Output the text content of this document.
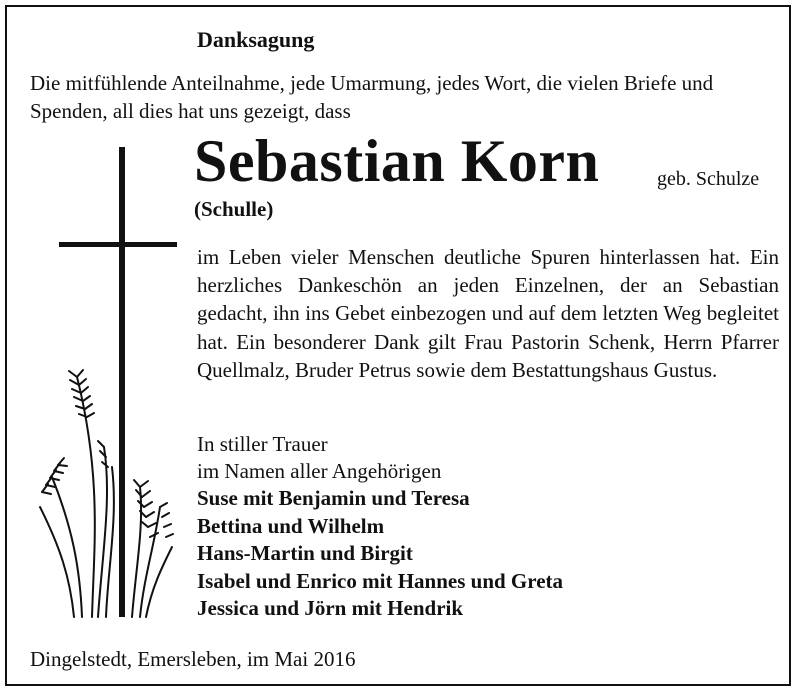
Danksagung
Die mitfühlende Anteilnahme, jede Umarmung, jedes Wort, die vielen Briefe und Spenden, all dies hat uns gezeigt, dass
Sebastian Korn	geb. Schulze
(Schulle)
im Leben vieler Menschen deutliche Spuren hinterlassen hat. Ein herzliches Dankeschön an jeden Einzelnen, der an Sebastian gedacht, ihn ins Gebet einbezogen und auf dem letzten Weg begleitet hat. Ein besonderer Dank gilt Frau Pastorin Schenk, Herrn Pfarrer Quellmalz, Bruder Petrus sowie dem Bestattungshaus Gustus.
In stiller Trauer
im Namen aller Angehörigen
Suse mit Benjamin und Teresa
Bettina und Wilhelm
Hans-Martin und Birgit
Isabel und Enrico mit Hannes und Greta
Jessica und Jörn mit Hendrik
Dingelstedt, Emersleben, im Mai 2016
